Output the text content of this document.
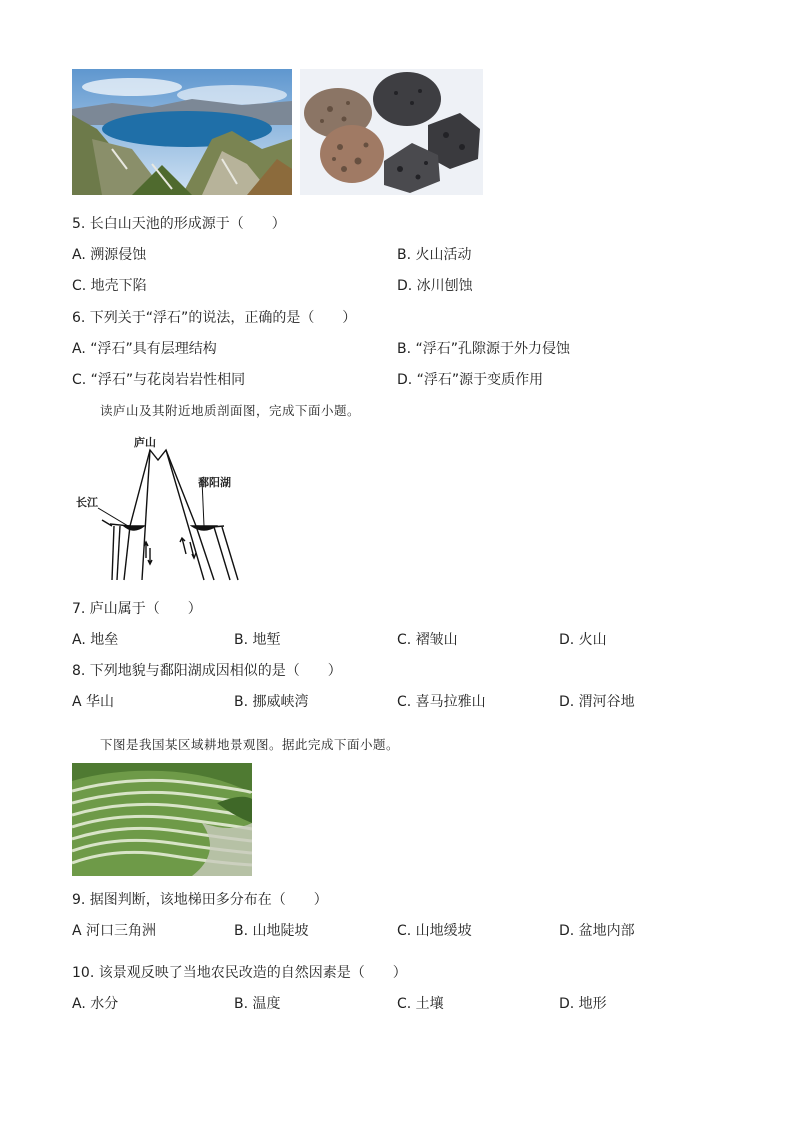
5. 长白山天池的形成源于（　　）
A. 溯源侵蚀	B. 火山活动
C. 地壳下陷	D. 冰川刨蚀
6. 下列关于“浮石”的说法，正确的是（　　）
A. “浮石”具有层理结构	B. “浮石”孔隙源于外力侵蚀
C. “浮石”与花岗岩岩性相同	D. “浮石”源于变质作用
读庐山及其附近地质剖面图，完成下面小题。
庐山
鄱阳湖
长江
7. 庐山属于（　　）
A. 地垒	B. 地堑	C. 褶皱山	D. 火山
8. 下列地貌与鄱阳湖成因相似的是（　　）
A 华山	B. 挪威峡湾	C. 喜马拉雅山	D. 渭河谷地
下图是我国某区域耕地景观图。据此完成下面小题。
9. 据图判断，该地梯田多分布在（　　）
A 河口三角洲	B. 山地陡坡	C. 山地缓坡	D. 盆地内部
10. 该景观反映了当地农民改造的自然因素是（　　）
A. 水分	B. 温度	C. 土壤	D. 地形
